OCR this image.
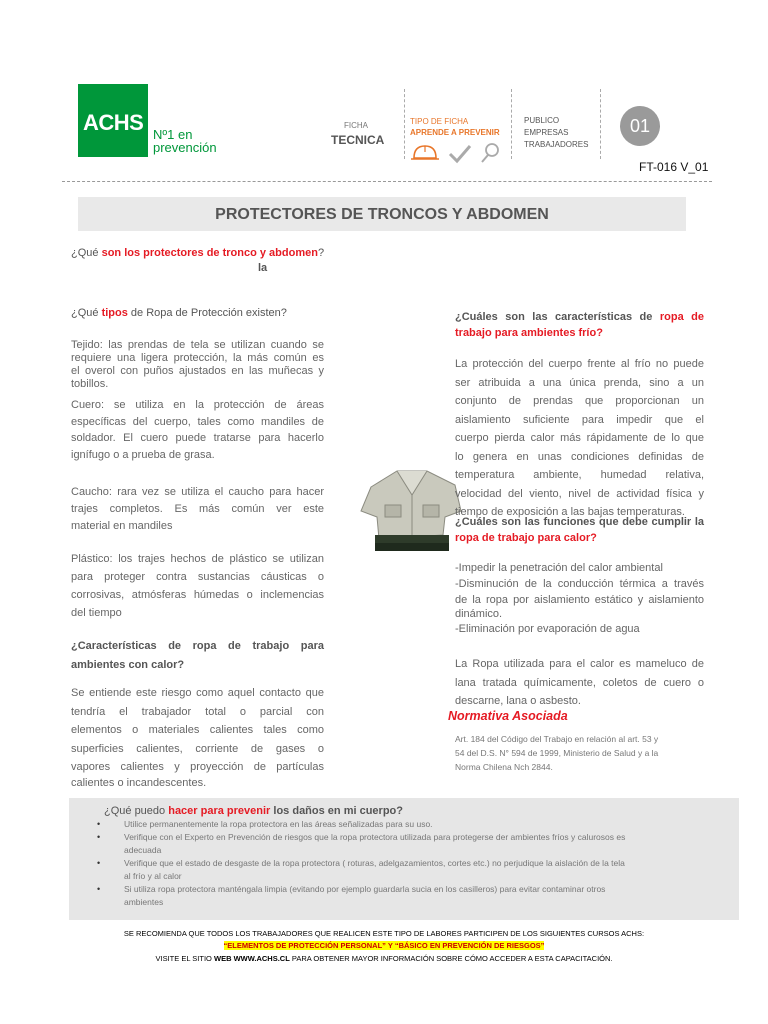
ACHS Nº1 en prevención
FICHA
TECNICA
TIPO DE FICHA
APRENDE A PREVENIR
PUBLICO
EMPRESAS
TRABAJADORES
01
FT-016 V_01
PROTECTORES DE TRONCOS Y ABDOMEN
¿Qué son los protectores de tronco y abdomen?
la
¿Qué tipos de Ropa de Protección existen?
Tejido: las prendas de tela se utilizan cuando se
requiere una ligera protección, la más común es
el overol con puños ajustados en las muñecas y
tobillos.
Cuero: se utiliza en la protección de áreas
específicas del cuerpo, tales como mandiles de
soldador. El cuero puede tratarse para hacerlo
ignífugo o a prueba de grasa.
Caucho: rara vez se utiliza el caucho para hacer
trajes completos. Es más común ver este
material en mandiles
Plástico: los trajes hechos de plástico se utilizan
para proteger contra sustancias cáusticas o
corrosivas, atmósferas húmedas o inclemencias
del tiempo
¿Características de ropa de trabajo para
ambientes con calor?
Se entiende este riesgo como aquel contacto que
tendría el trabajador total o parcial con
elementos o materiales calientes tales como
superficies calientes, corriente de gases o
vapores calientes y proyección de partículas
calientes o incandescentes.
¿Cuáles son las características de ropa de
trabajo para ambientes frío?
La protección del cuerpo frente al frío no puede
ser atribuida a una única prenda, sino a un
conjunto de prendas que proporcionan un
aislamiento suficiente para impedir que el
cuerpo pierda calor más rápidamente de lo que
lo genera en unas condiciones definidas de
temperatura ambiente, humedad relativa,
velocidad del viento, nivel de actividad física y
tiempo de exposición a las bajas temperaturas.
¿Cuáles son las funciones que debe cumplir la
ropa de trabajo para calor?
-Impedir la penetración del calor ambiental
-Disminución de la conducción térmica a través
de la ropa por aislamiento estático y aislamiento
dinámico.
-Eliminación por evaporación de agua
La Ropa utilizada para el calor es mameluco de
lana tratada químicamente, coletos de cuero o
descarne, lana o asbesto.
Normativa Asociada
Art. 184 del Código del Trabajo en relación al art. 53 y
54 del D.S. N° 594 de 1999, Ministerio de Salud y a la
Norma Chilena Nch 2844.
¿Qué puedo hacer para prevenir los daños en mi cuerpo?
•	Utilice permanentemente la ropa protectora en las áreas señalizadas para su uso.
•	Verifique con el Experto en Prevención de riesgos que la ropa protectora utilizada para protegerse der ambientes fríos y calurosos es
adecuada
•	Verifique que el estado de desgaste de la ropa protectora ( roturas, adelgazamientos, cortes etc.) no perjudique la aislación de la tela
al frío y al calor
•	Si utiliza ropa protectora manténgala limpia (evitando por ejemplo guardarla sucia en los casilleros) para evitar contaminar otros
ambientes
SE RECOMIENDA QUE TODOS LOS TRABAJADORES QUE REALICEN ESTE TIPO DE LABORES PARTICIPEN DE LOS SIGUIENTES CURSOS ACHS:
“ELEMENTOS DE PROTECCIÓN PERSONAL” Y “BÁSICO EN PREVENCIÓN DE RIESGOS”
VISITE EL SITIO WEB WWW.ACHS.CL PARA OBTENER MAYOR INFORMACIÓN SOBRE CÓMO ACCEDER A ESTA CAPACITACIÓN.
